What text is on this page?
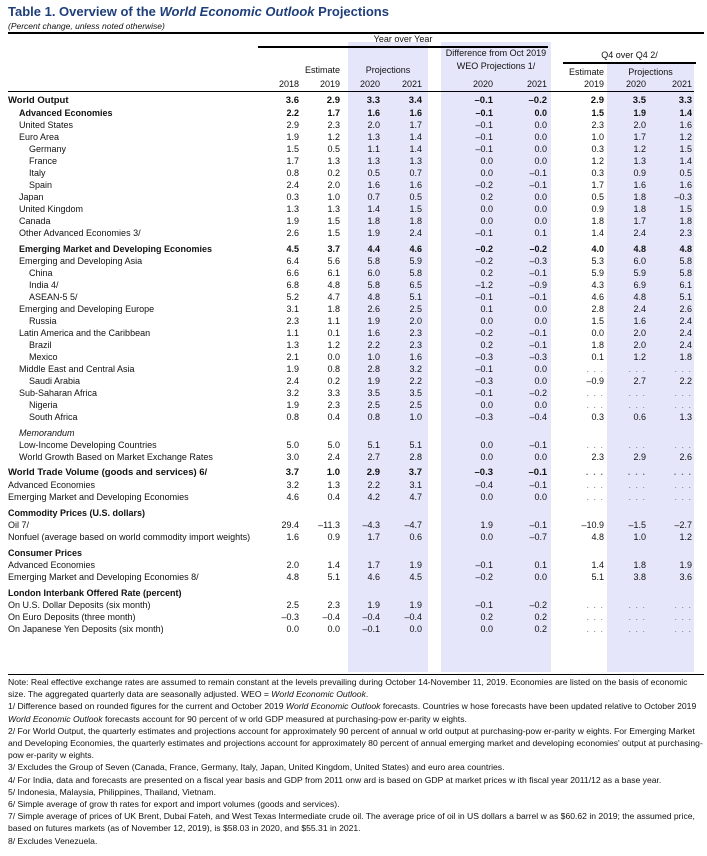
Table 1. Overview of the World Economic Outlook Projections
(Percent change, unless noted otherwise)
Year over Year
Estimate	Projections
Difference from Oct 2019
WEO Projections 1/
Q4 over Q4 2/
Estimate	Projections
2018	2019	2020	2021	2020	2021	2019	2020	2021
World Output	3.6	2.9	3.3	3.4	–0.1	–0.2	2.9	3.5	3.3
Advanced Economies	2.2	1.7	1.6	1.6	–0.1	0.0	1.5	1.9	1.4
United States	2.9	2.3	2.0	1.7	–0.1	0.0	2.3	2.0	1.6
Euro Area	1.9	1.2	1.3	1.4	–0.1	0.0	1.0	1.7	1.2
Germany	1.5	0.5	1.1	1.4	–0.1	0.0	0.3	1.2	1.5
France	1.7	1.3	1.3	1.3	0.0	0.0	1.2	1.3	1.4
Italy	0.8	0.2	0.5	0.7	0.0	–0.1	0.3	0.9	0.5
Spain	2.4	2.0	1.6	1.6	–0.2	–0.1	1.7	1.6	1.6
Japan	0.3	1.0	0.7	0.5	0.2	0.0	0.5	1.8	–0.3
United Kingdom	1.3	1.3	1.4	1.5	0.0	0.0	0.9	1.8	1.5
Canada	1.9	1.5	1.8	1.8	0.0	0.0	1.8	1.7	1.8
Other Advanced Economies 3/	2.6	1.5	1.9	2.4	–0.1	0.1	1.4	2.4	2.3
Emerging Market and Developing Economies	4.5	3.7	4.4	4.6	–0.2	–0.2	4.0	4.8	4.8
Emerging and Developing Asia	6.4	5.6	5.8	5.9	–0.2	–0.3	5.3	6.0	5.8
China	6.6	6.1	6.0	5.8	0.2	–0.1	5.9	5.9	5.8
India 4/	6.8	4.8	5.8	6.5	–1.2	–0.9	4.3	6.9	6.1
ASEAN-5 5/	5.2	4.7	4.8	5.1	–0.1	–0.1	4.6	4.8	5.1
Emerging and Developing Europe	3.1	1.8	2.6	2.5	0.1	0.0	2.8	2.4	2.6
Russia	2.3	1.1	1.9	2.0	0.0	0.0	1.5	1.6	2.4
Latin America and the Caribbean	1.1	0.1	1.6	2.3	–0.2	–0.1	0.0	2.0	2.4
Brazil	1.3	1.2	2.2	2.3	0.2	–0.1	1.8	2.0	2.4
Mexico	2.1	0.0	1.0	1.6	–0.3	–0.3	0.1	1.2	1.8
Middle East and Central Asia	1.9	0.8	2.8	3.2	–0.1	0.0	. . .	. . .	. . .
Saudi Arabia	2.4	0.2	1.9	2.2	–0.3	0.0	–0.9	2.7	2.2
Sub-Saharan Africa	3.2	3.3	3.5	3.5	–0.1	–0.2	. . .	. . .	. . .
Nigeria	1.9	2.3	2.5	2.5	0.0	0.0	. . .	. . .	. . .
South Africa	0.8	0.4	0.8	1.0	–0.3	–0.4	0.3	0.6	1.3
Memorandum
Low-Income Developing Countries	5.0	5.0	5.1	5.1	0.0	–0.1	. . .	. . .	. . .
World Growth Based on Market Exchange Rates	3.0	2.4	2.7	2.8	0.0	0.0	2.3	2.9	2.6
World Trade Volume (goods and services) 6/	3.7	1.0	2.9	3.7	–0.3	–0.1	. . .	. . .	. . .
Advanced Economies	3.2	1.3	2.2	3.1	–0.4	–0.1	. . .	. . .	. . .
Emerging Market and Developing Economies	4.6	0.4	4.2	4.7	0.0	0.0	. . .	. . .	. . .
Commodity Prices (U.S. dollars)
Oil 7/	29.4	–11.3	–4.3	–4.7	1.9	–0.1	–10.9	–1.5	–2.7
Nonfuel (average based on world commodity import weights)	1.6	0.9	1.7	0.6	0.0	–0.7	4.8	1.0	1.2
Consumer Prices
Advanced Economies	2.0	1.4	1.7	1.9	–0.1	0.1	1.4	1.8	1.9
Emerging Market and Developing Economies 8/	4.8	5.1	4.6	4.5	–0.2	0.0	5.1	3.8	3.6
London Interbank Offered Rate (percent)
On U.S. Dollar Deposits (six month)	2.5	2.3	1.9	1.9	–0.1	–0.2	. . .	. . .	. . .
On Euro Deposits (three month)	–0.3	–0.4	–0.4	–0.4	0.2	0.2	. . .	. . .	. . .
On Japanese Yen Deposits (six month)	0.0	0.0	–0.1	0.0	0.0	0.2	. . .	. . .	. . .

Note: Real effective exchange rates are assumed to remain constant at the levels prevailing during October 14-November 11, 2019. Economies are listed on the basis of economic size. The aggregated quarterly data are seasonally adjusted. WEO = World Economic Outlook.

1/ Difference based on rounded figures for the current and October 2019 World Economic Outlook forecasts. Countries w hose forecasts have been updated relative to October 2019 World Economic Outlook forecasts account for 90 percent of w orld GDP measured at purchasing-pow er-parity w eights.

2/ For World Output, the quarterly estimates and projections account for approximately 90 percent of annual w orld output at purchasing-pow er-parity w eights. For Emerging Market and Developing Economies, the quarterly estimates and projections account for approximately 80 percent of annual emerging market and developing economies' output at purchasing-pow er-parity w eights.

3/ Excludes the Group of Seven (Canada, France, Germany, Italy, Japan, United Kingdom, United States) and euro area countries.

4/ For India, data and forecasts are presented on a fiscal year basis and GDP from 2011 onw ard is based on GDP at market prices w ith fiscal year 2011/12 as a base year.

5/ Indonesia, Malaysia, Philippines, Thailand, Vietnam.

6/ Simple average of grow th rates for export and import volumes (goods and services).

7/ Simple average of prices of UK Brent, Dubai Fateh, and West Texas Intermediate crude oil. The average price of oil in US dollars a barrel w as $60.62 in 2019; the assumed price, based on futures markets (as of November 12, 2019), is $58.03 in 2020, and $55.31 in 2021.

8/ Excludes Venezuela.
